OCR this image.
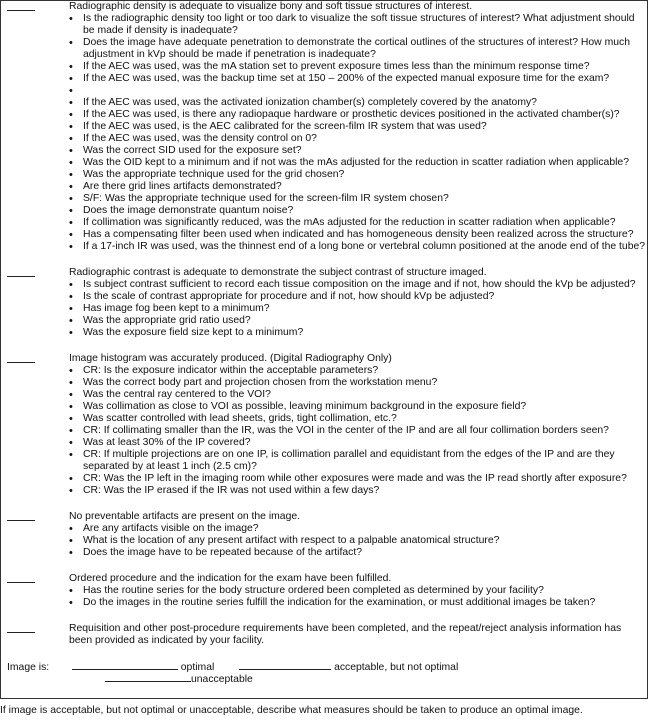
Radiographic density is adequate to visualize bony and soft tissue structures of interest.
• Is the radiographic density too light or too dark to visualize the soft tissue structures of interest? What adjustment should be made if density is inadequate?
• Does the image have adequate penetration to demonstrate the cortical outlines of the structures of interest? How much adjustment in kVp should be made if penetration is inadequate?
• If the AEC was used, was the mA station set to prevent exposure times less than the minimum response time?
• If the AEC was used, was the backup time set at 150 – 200% of the expected manual exposure time for the exam?
•
• If the AEC was used, was the activated ionization chamber(s) completely covered by the anatomy?
• If the AEC was used, is there any radiopaque hardware or prosthetic devices positioned in the activated chamber(s)?
• If the AEC was used, is the AEC calibrated for the screen-film IR system that was used?
• If the AEC was used, was the density control on 0?
• Was the correct SID used for the exposure set?
• Was the OID kept to a minimum and if not was the mAs adjusted for the reduction in scatter radiation when applicable?
• Was the appropriate technique used for the grid chosen?
• Are there grid lines artifacts demonstrated?
• S/F: Was the appropriate technique used for the screen-film IR system chosen?
• Does the image demonstrate quantum noise?
• If collimation was significantly reduced, was the mAs adjusted for the reduction in scatter radiation when applicable?
• Has a compensating filter been used when indicated and has homogeneous density been realized across the structure?
• If a 17-inch IR was used, was the thinnest end of a long bone or vertebral column positioned at the anode end of the tube?
Radiographic contrast is adequate to demonstrate the subject contrast of structure imaged.
• Is subject contrast sufficient to record each tissue composition on the image and if not, how should the kVp be adjusted?
• Is the scale of contrast appropriate for procedure and if not, how should kVp be adjusted?
• Has image fog been kept to a minimum?
• Was the appropriate grid ratio used?
• Was the exposure field size kept to a minimum?
Image histogram was accurately produced. (Digital Radiography Only)
• CR: Is the exposure indicator within the acceptable parameters?
• Was the correct body part and projection chosen from the workstation menu?
• Was the central ray centered to the VOI?
• Was collimation as close to VOI as possible, leaving minimum background in the exposure field?
• Was scatter controlled with lead sheets, grids, tight collimation, etc.?
• CR: If collimating smaller than the IR, was the VOI in the center of the IP and are all four collimation borders seen?
• Was at least 30% of the IP covered?
• CR: If multiple projections are on one IP, is collimation parallel and equidistant from the edges of the IP and are they separated by at least 1 inch (2.5 cm)?
• CR: Was the IP left in the imaging room while other exposures were made and was the IP read shortly after exposure?
• CR: Was the IP erased if the IR was not used within a few days?
No preventable artifacts are present on the image.
• Are any artifacts visible on the image?
• What is the location of any present artifact with respect to a palpable anatomical structure?
• Does the image have to be repeated because of the artifact?
Ordered procedure and the indication for the exam have been fulfilled.
• Has the routine series for the body structure ordered been completed as determined by your facility?
• Do the images in the routine series fulfill the indication for the examination, or must additional images be taken?
Requisition and other post-procedure requirements have been completed, and the repeat/reject analysis information has been provided as indicated by your facility.
Image is:	optimal	acceptable, but not optimal
unacceptable
If image is acceptable, but not optimal or unacceptable, describe what measures should be taken to produce an optimal image.
